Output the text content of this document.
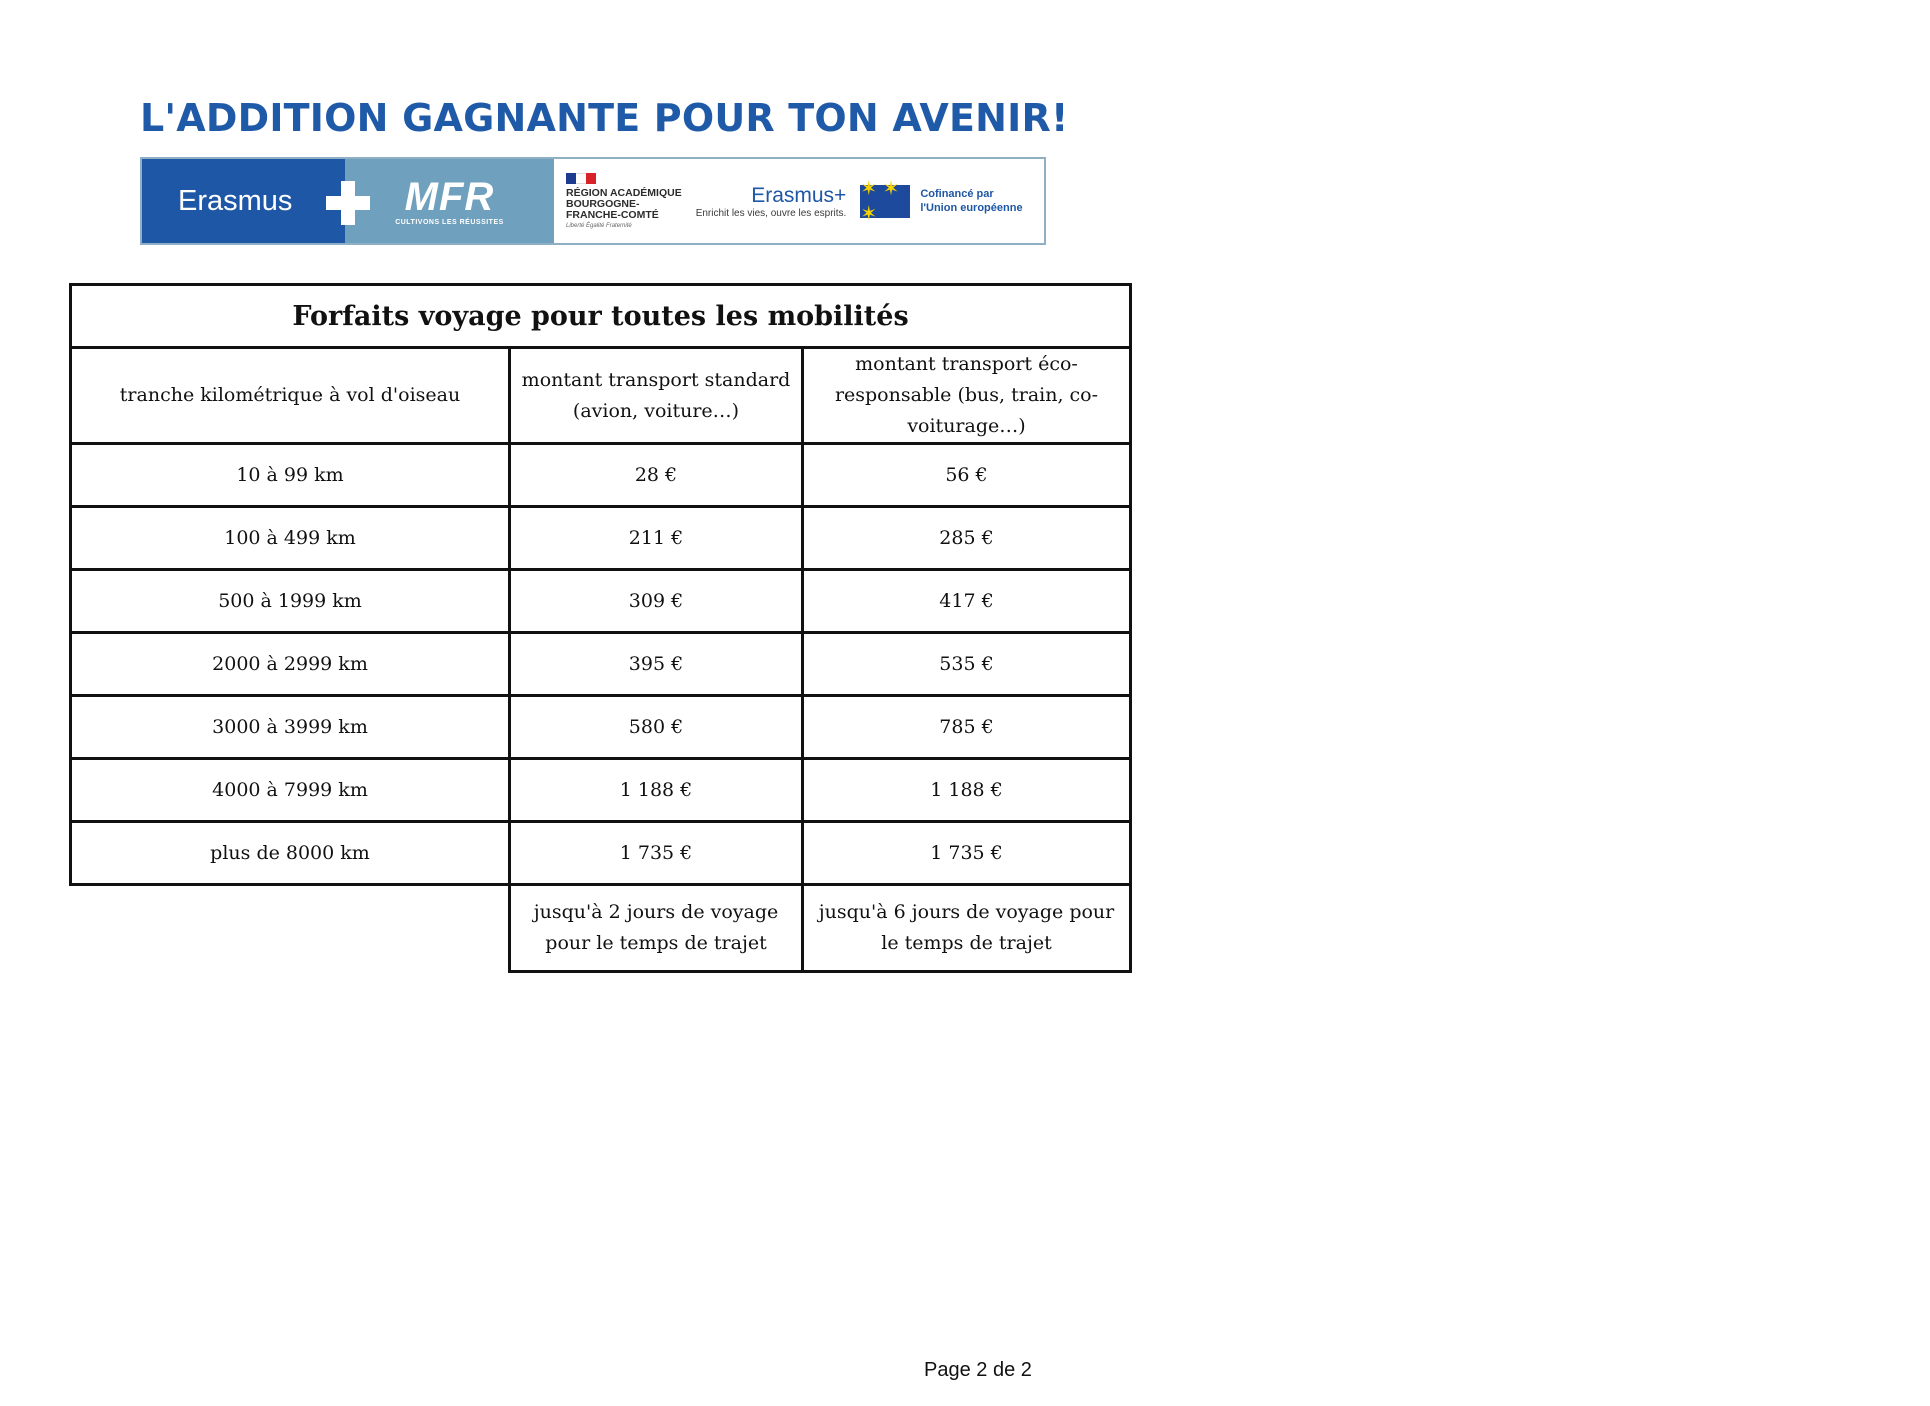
L'ADDITION GAGNANTE POUR TON AVENIR!
Erasmus	MFR
CULTIVONS LES RÉUSSITES
RÉGION ACADÉMIQUE
BOURGOGNE-
FRANCHE-COMTÉ
Liberté Égalité Fraternité
Erasmus+
Enrichit les vies, ouvre les esprits.
✶ ✶ ✶
Cofinancé par
l'Union européenne
Forfaits voyage pour toutes les mobilités		
tranche kilométrique à vol d'oiseau	montant transport standard (avion, voiture…)	montant transport éco-responsable (bus, train, co-voiturage…)
10 à 99 km	28 €	56 €
100 à 499 km	211 €	285 €
500 à 1999 km	309 €	417 €
2000 à 2999 km	395 €	535 €
3000 à 3999 km	580 €	785 €
4000 à 7999 km	1 188 €	1 188 €
plus de 8000 km	1 735 €	1 735 €
	jusqu'à 2 jours de voyage pour le temps de trajet	jusqu'à 6 jours de voyage pour le temps de trajet
Page 2 de 2
